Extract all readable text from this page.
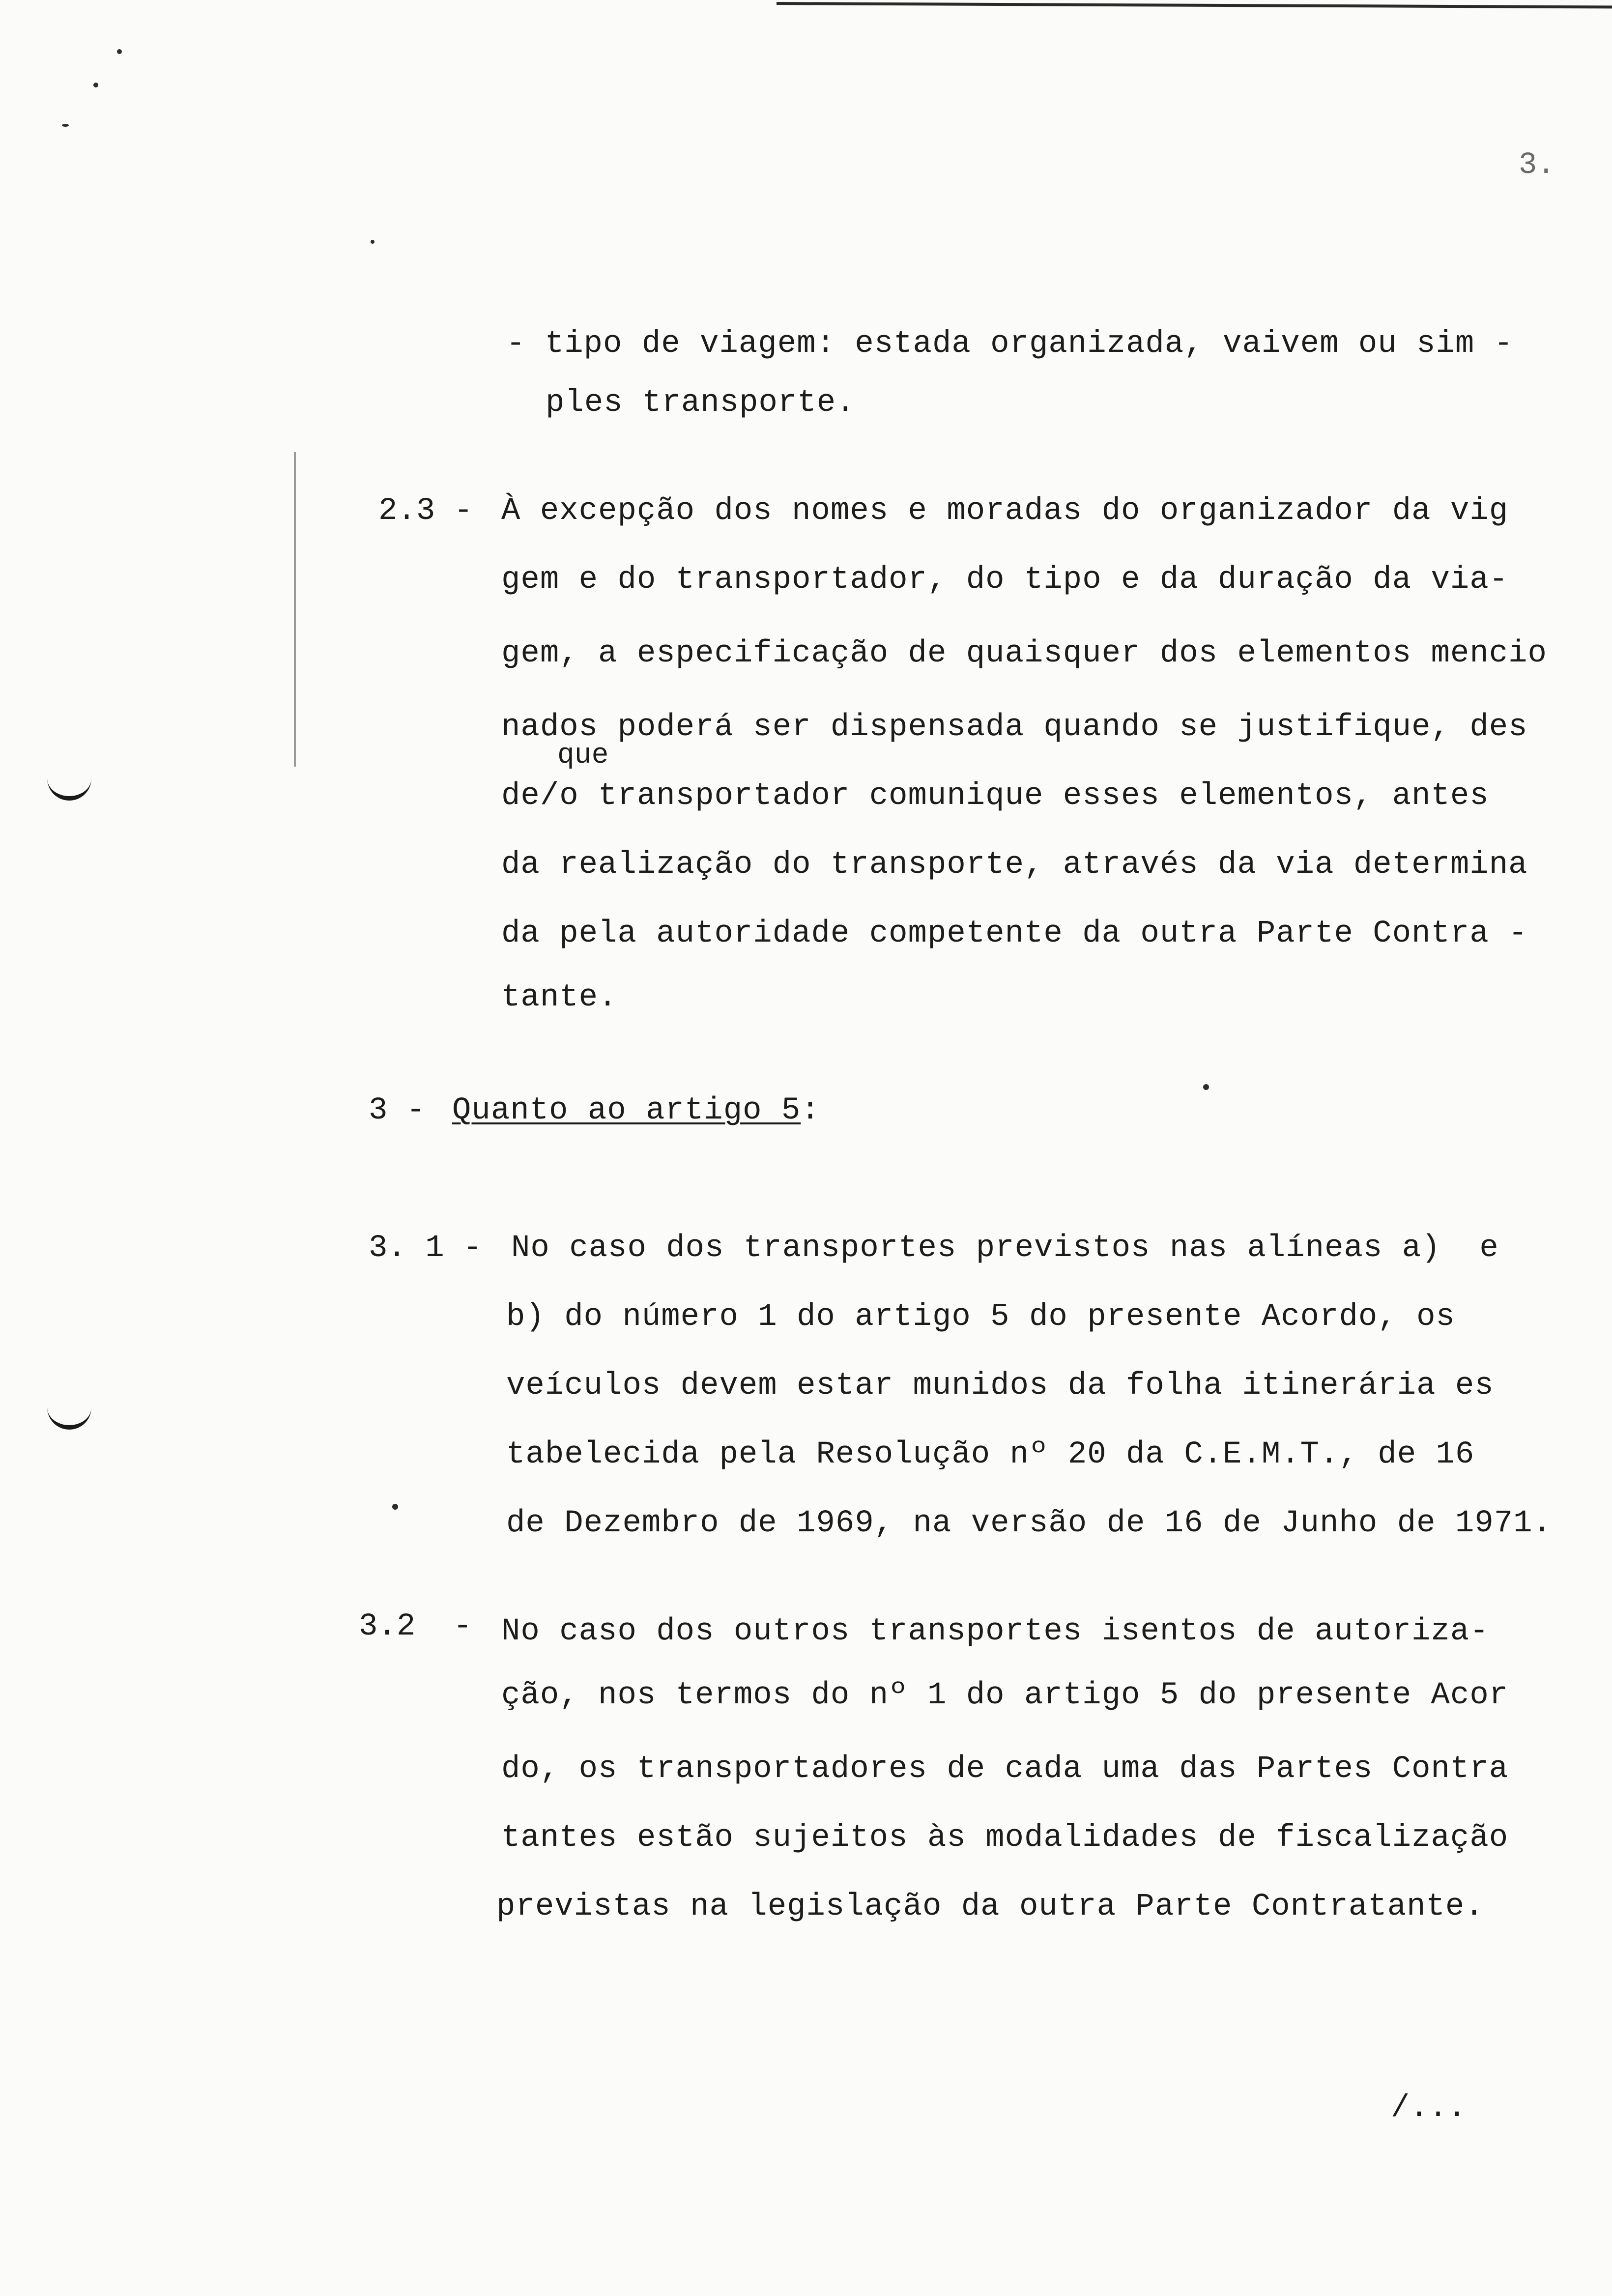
3.
- tipo de viagem: estada organizada, vaivem ou sim -
ples transporte.
2.3 - À excepção dos nomes e moradas do organizador da vig
gem e do transportador, do tipo e da duração da via-
gem, a especificação de quaisquer dos elementos mencio
nados poderá ser dispensada quando se justifique, des
que
de/o transportador comunique esses elementos, antes
da realização do transporte, através da via determina
da pela autoridade competente da outra Parte Contra -
tante.
3 - Quanto ao artigo 5:
3. 1 - No caso dos transportes previstos nas alíneas a)  e
b) do número 1 do artigo 5 do presente Acordo, os
veículos devem estar munidos da folha itinerária es
tabelecida pela Resolução nº 20 da C.E.M.T., de 16
de Dezembro de 1969, na versão de 16 de Junho de 1971.
3.2  - No caso dos outros transportes isentos de autoriza-
ção, nos termos do nº 1 do artigo 5 do presente Acor
do, os transportadores de cada uma das Partes Contra
tantes estão sujeitos às modalidades de fiscalização
previstas na legislação da outra Parte Contratante.
/...
